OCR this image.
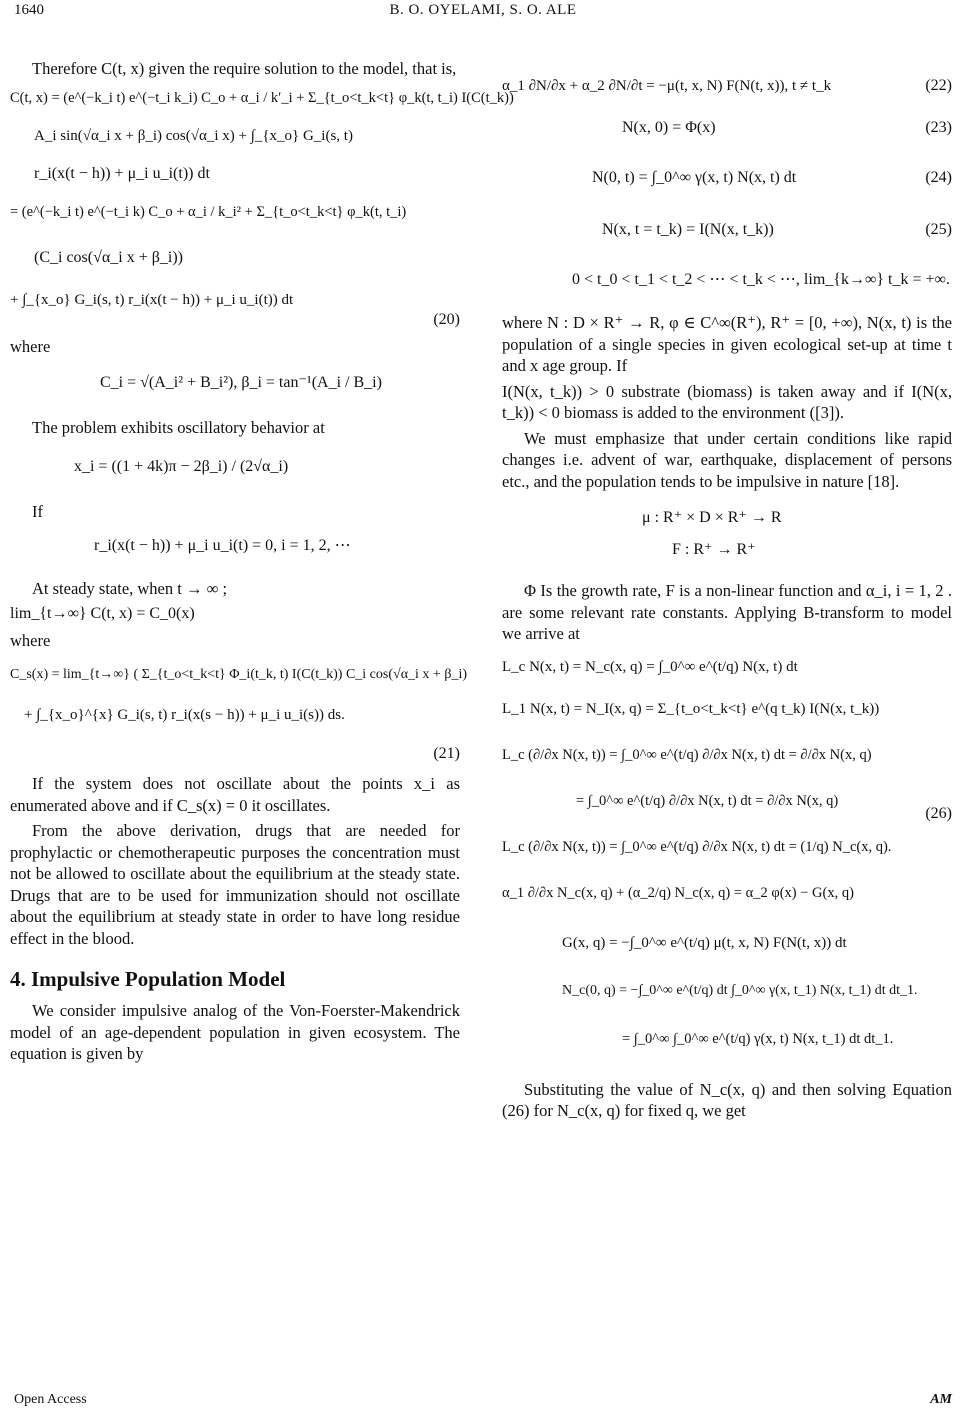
1640	B. O. OYELAMI, S. O. ALE

Therefore C(t, x) given the require solution to the model, that is,

C(t, x) = (e^(−k_i t) e^(−t_i k_i) C_o + α_i / k′_i + Σ_{t_o<t_k<t} φ_k(t, t_i) I(C(t_k))
A_i sin(√α_i x + β_i) cos(√α_i x) + ∫_{x_o} G_i(s, t)
r_i(x(t − h)) + μ_i u_i(t)) dt
= (e^(−k_i t) e^(−t_i k) C_o + α_i / k_i² + Σ_{t_o<t_k<t} φ_k(t, t_i)
(C_i cos(√α_i x + β_i))
+ ∫_{x_o} G_i(s, t) r_i(x(t − h)) + μ_i u_i(t)) dt
(20)

where

C_i = √(A_i² + B_i²), β_i = tan⁻¹(A_i / B_i)

The problem exhibits oscillatory behavior at

x_i = ((1 + 4k)π − 2β_i) / (2√α_i)

If

r_i(x(t − h)) + μ_i u_i(t) = 0, i = 1, 2, ⋯

At steady state, when t → ∞ ;

lim_{t→∞} C(t, x) = C_0(x)

where

C_s(x) = lim_{t→∞} ( Σ_{t_o<t_k<t} Φ_i(t_k, t) I(C(t_k)) C_i cos(√α_i x + β_i)
+ ∫_{x_o}^{x} G_i(s, t) r_i(x(s − h)) + μ_i u_i(s)) ds.
(21)

If the system does not oscillate about the points x_i as enumerated above and if C_s(x) = 0 it oscillates.

From the above derivation, drugs that are needed for prophylactic or chemotherapeutic purposes the concentration must not be allowed to oscillate about the equilibrium at the steady state. Drugs that are to be used for immunization should not oscillate about the equilibrium at steady state in order to have long residue effect in the blood.

4. Impulsive Population Model

We consider impulsive analog of the Von-Foerster-Makendrick model of an age-dependent population in given ecosystem. The equation is given by

α_1 ∂N/∂x + α_2 ∂N/∂t = −μ(t, x, N) F(N(t, x)), t ≠ t_k	(22)
N(x, 0) = Φ(x)	(23)
N(0, t) = ∫_0^∞ γ(x, t) N(x, t) dt	(24)
N(x, t = t_k) = I(N(x, t_k))	(25)
0 < t_0 < t_1 < t_2 < ⋯ < t_k < ⋯, lim_{k→∞} t_k = +∞.

where N : D × R⁺ → R, φ ∈ C^∞(R⁺), R⁺ = [0, +∞), N(x, t) is the population of a single species in given ecological set-up at time t and x age group. If

I(N(x, t_k)) > 0 substrate (biomass) is taken away and if I(N(x, t_k)) < 0 biomass is added to the environment ([3]).

We must emphasize that under certain conditions like rapid changes i.e. advent of war, earthquake, displacement of persons etc., and the population tends to be impulsive in nature [18].

μ : R⁺ × D × R⁺ → R
F : R⁺ → R⁺

Φ Is the growth rate, F is a non-linear function and α_i, i = 1, 2 . are some relevant rate constants. Applying B-transform to model we arrive at

L_c N(x, t) = N_c(x, q) = ∫_0^∞ e^(t/q) N(x, t) dt
L_1 N(x, t) = N_I(x, q) = Σ_{t_o<t_k<t} e^(q t_k) I(N(x, t_k))
L_c (∂/∂x N(x, t)) = ∫_0^∞ e^(t/q) ∂/∂x N(x, t) dt = ∂/∂x N(x, q)
= ∫_0^∞ e^(t/q) ∂/∂x N(x, t) dt = ∂/∂x N(x, q)
L_c (∂/∂x N(x, t)) = ∫_0^∞ e^(t/q) ∂/∂x N(x, t) dt = (1/q) N_c(x, q).
α_1 ∂/∂x N_c(x, q) + (α_2/q) N_c(x, q) = α_2 φ(x) − G(x, q)
(26)
G(x, q) = −∫_0^∞ e^(t/q) μ(t, x, N) F(N(t, x)) dt
N_c(0, q) = −∫_0^∞ e^(t/q) dt ∫_0^∞ γ(x, t_1) N(x, t_1) dt dt_1.
= ∫_0^∞ ∫_0^∞ e^(t/q) γ(x, t) N(x, t_1) dt dt_1.

Substituting the value of N_c(x, q) and then solving Equation (26) for N_c(x, q) for fixed q, we get

Open Access	AM
